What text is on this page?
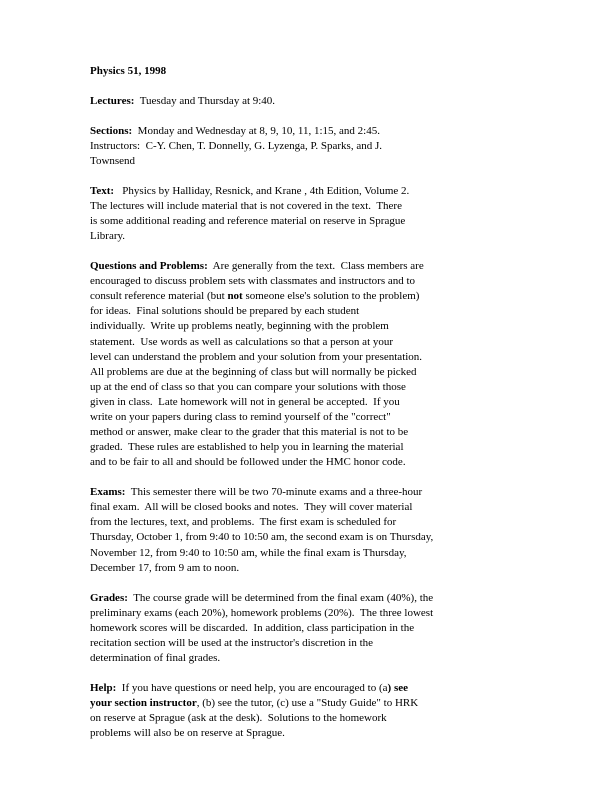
Physics 51, 1998
Lectures:  Tuesday and Thursday at 9:40.
Sections:  Monday and Wednesday at 8, 9, 10, 11, 1:15, and 2:45.
Instructors:  C-Y. Chen, T. Donnelly, G. Lyzenga, P. Sparks, and J.
Townsend
Text:   Physics by Halliday, Resnick, and Krane , 4th Edition, Volume 2.
The lectures will include material that is not covered in the text.  There
is some additional reading and reference material on reserve in Sprague
Library.
Questions and Problems:  Are generally from the text.  Class members are
encouraged to discuss problem sets with classmates and instructors and to
consult reference material (but not someone else's solution to the problem)
for ideas.  Final solutions should be prepared by each student
individually.  Write up problems neatly, beginning with the problem
statement.  Use words as well as calculations so that a person at your
level can understand the problem and your solution from your presentation.
All problems are due at the beginning of class but will normally be picked
up at the end of class so that you can compare your solutions with those
given in class.  Late homework will not in general be accepted.  If you
write on your papers during class to remind yourself of the "correct"
method or answer, make clear to the grader that this material is not to be
graded.  These rules are established to help you in learning the material
and to be fair to all and should be followed under the HMC honor code.
Exams:  This semester there will be two 70-minute exams and a three-hour
final exam.  All will be closed books and notes.  They will cover material
from the lectures, text, and problems.  The first exam is scheduled for
Thursday, October 1, from 9:40 to 10:50 am, the second exam is on Thursday,
November 12, from 9:40 to 10:50 am, while the final exam is Thursday,
December 17, from 9 am to noon.
Grades:  The course grade will be determined from the final exam (40%), the
preliminary exams (each 20%), homework problems (20%).  The three lowest
homework scores will be discarded.  In addition, class participation in the
recitation section will be used at the instructor's discretion in the
determination of final grades.
Help:  If you have questions or need help, you are encouraged to (a) see
your section instructor, (b) see the tutor, (c) use a "Study Guide" to HRK
on reserve at Sprague (ask at the desk).  Solutions to the homework
problems will also be on reserve at Sprague.
